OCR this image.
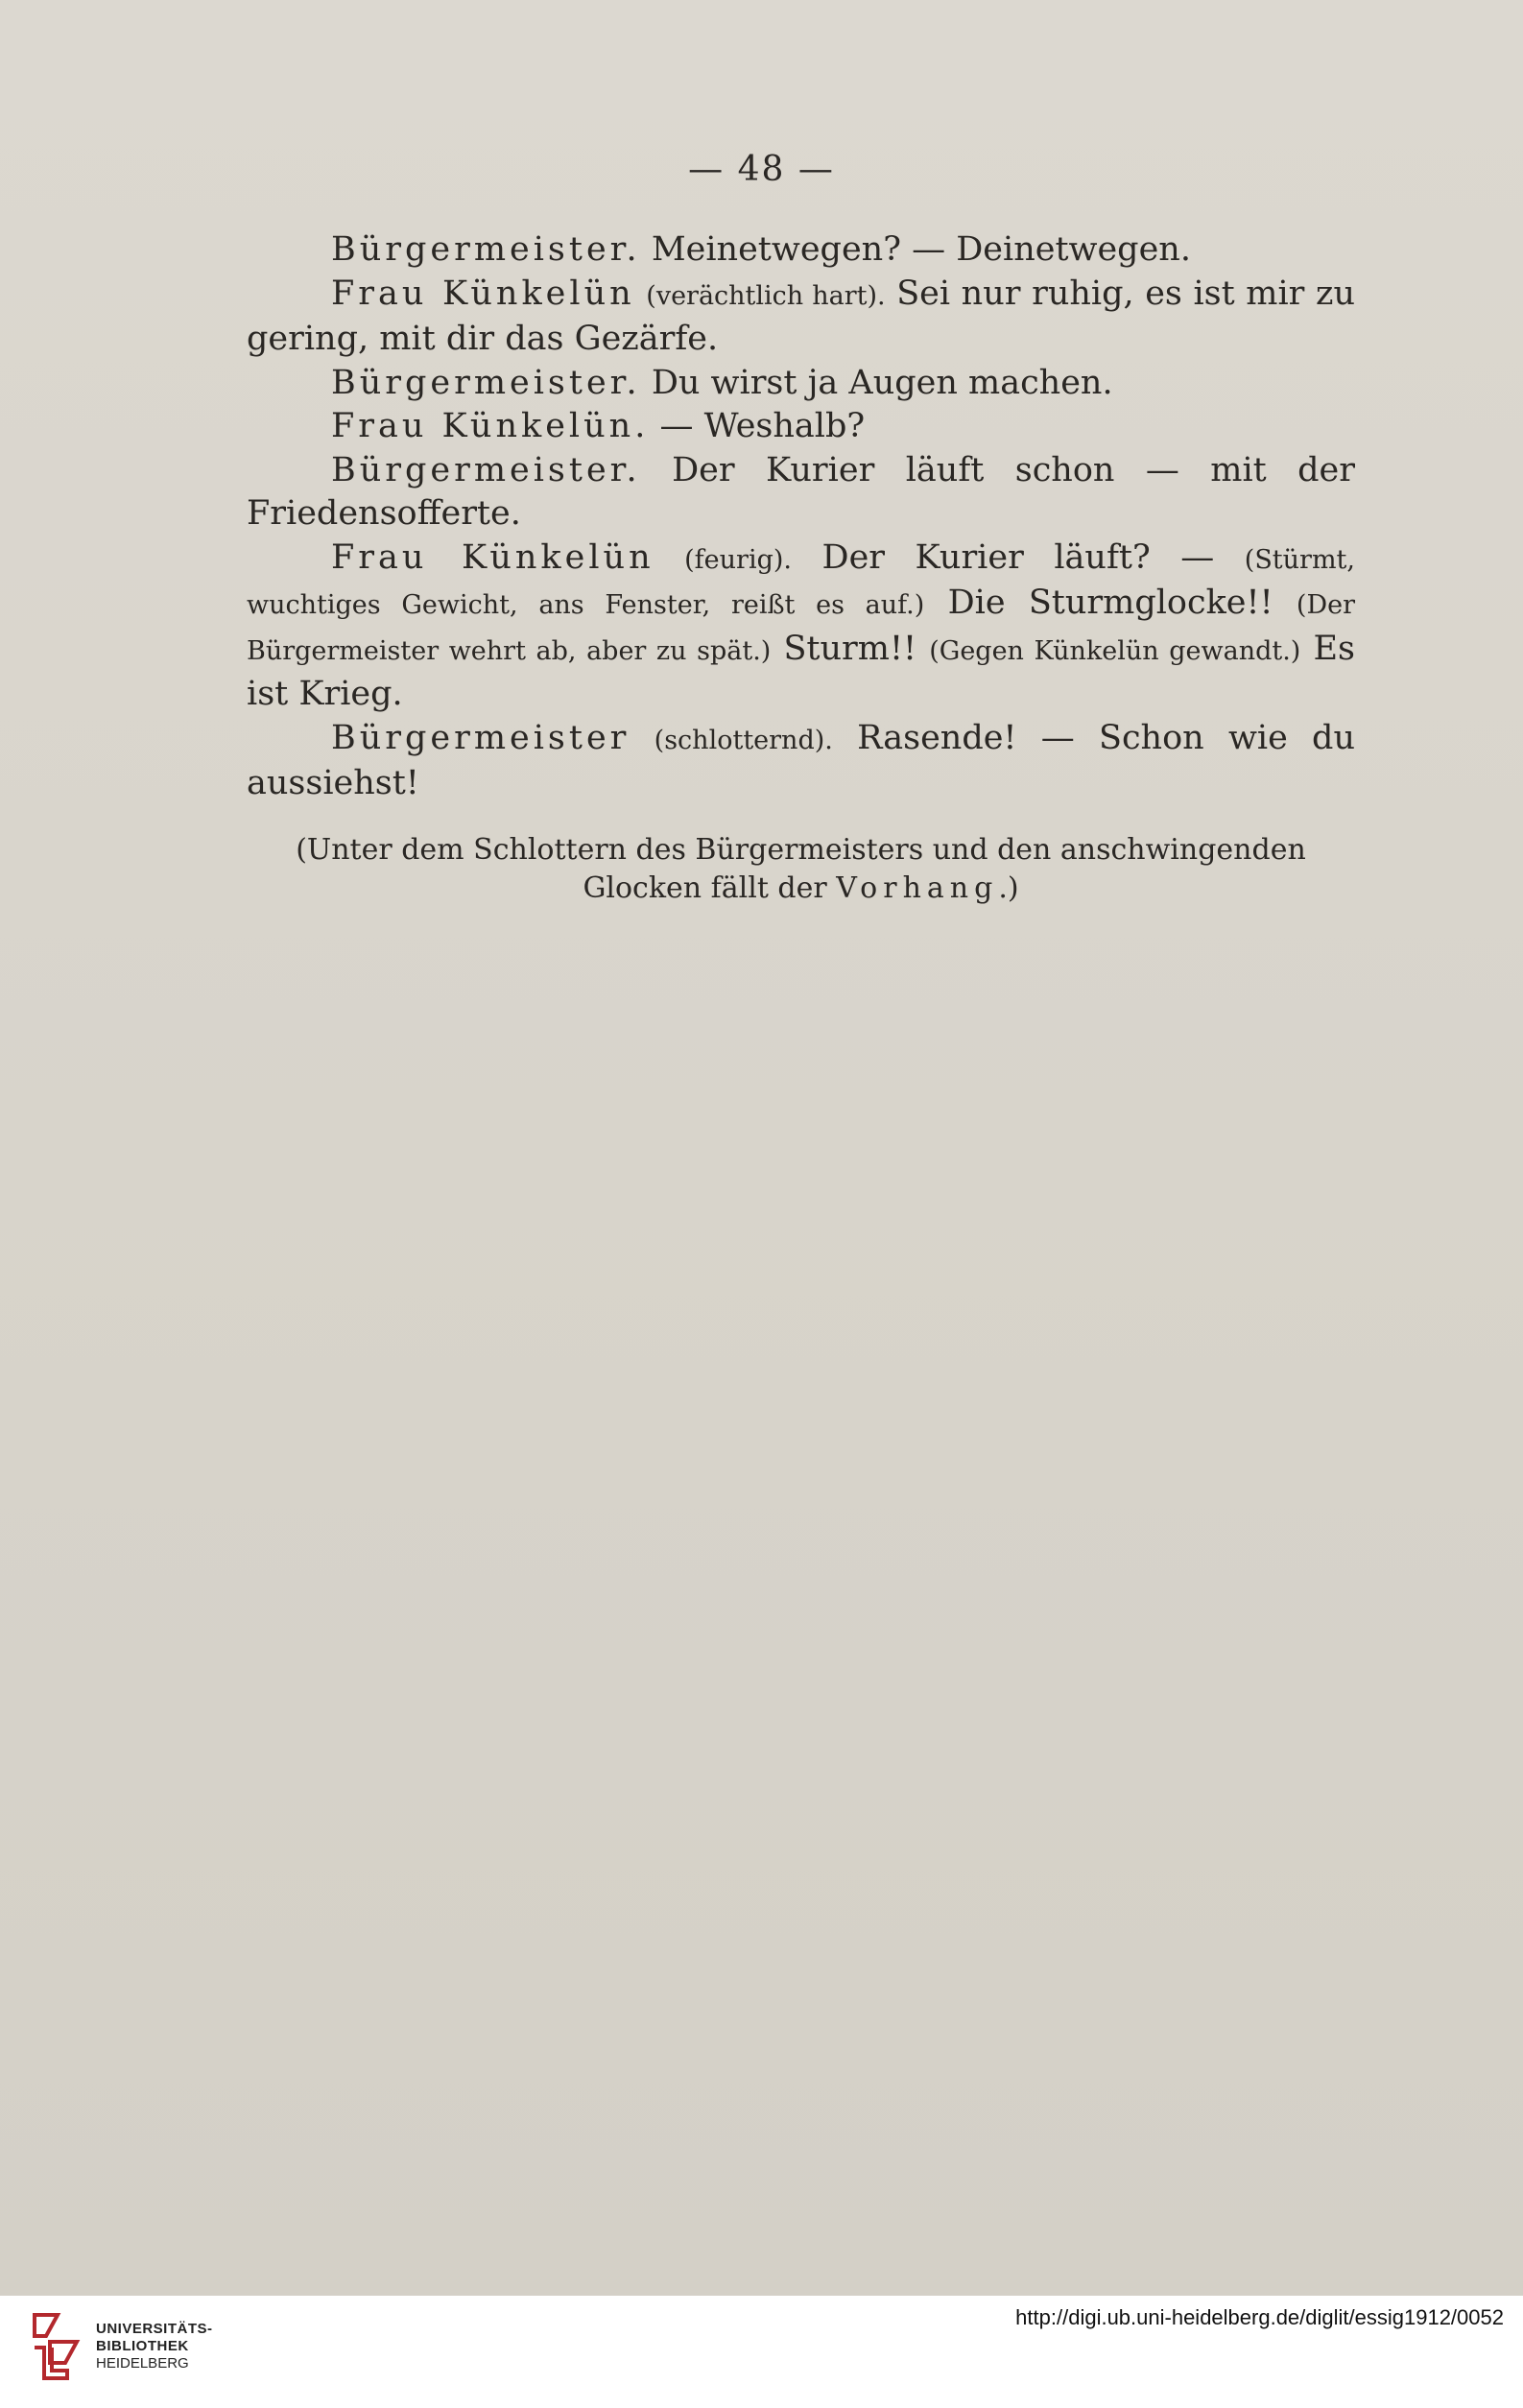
— 48 —

Bürgermeister. Meinetwegen? — Deinetwegen.

Frau Künkelün (verächtlich hart). Sei nur ruhig, es ist mir zu gering, mit dir das Gezärfe.

Bürgermeister. Du wirst ja Augen machen.

Frau Künkelün. — Weshalb?

Bürgermeister. Der Kurier läuft schon — mit der Friedensofferte.

Frau Künkelün (feurig). Der Kurier läuft? — (Stürmt, wuchtiges Gewicht, ans Fenster, reißt es auf.) Die Sturmglocke!! (Der Bürgermeister wehrt ab, aber zu spät.) Sturm!! (Gegen Künkelün gewandt.) Es ist Krieg.

Bürgermeister (schlotternd). Rasende! — Schon wie du aussiehst!

(Unter dem Schlottern des Bürgermeisters und den anschwingenden Glocken fällt der Vorhang.)

UNIVERSITÄTS-
BIBLIOTHEK
HEIDELBERG
http://digi.ub.uni-heidelberg.de/diglit/essig1912/0052
